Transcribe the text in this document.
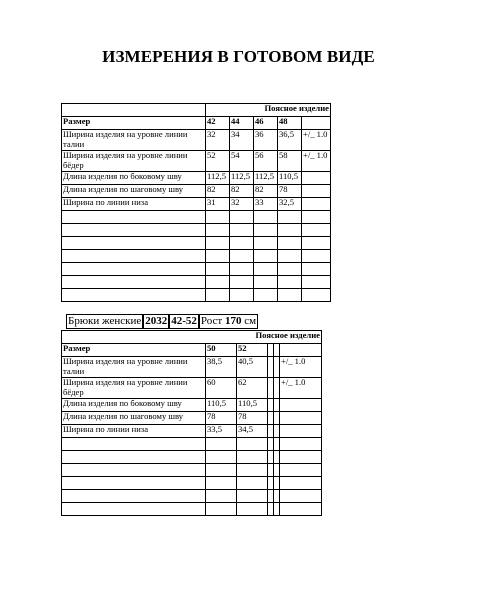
ИЗМЕРЕНИЯ В ГОТОВОМ ВИДЕ
	Поясное изделие				
Размер	42	44	46	48	
Ширина изделия на уровне линии талии	32	34	36	36,5	+/_ 1.0
Ширина изделия на уровне линии бёдер	52	54	56	58	+/_ 1.0
Длина изделия по боковому шву	112,5	112,5	112,5	110,5	
Длина изделия по шаговому шву	82	82	82	78	
Ширина по линии низа	31	32	33	32,5	

Брюки женские 2032 42-52 Рост 170 см
Поясное изделие					
Размер	50	52			
Ширина изделия на уровне линии талии	38,5	40,5			+/_ 1.0
Ширина изделия на уровне линии бёдер	60	62			+/_ 1.0
Длина изделия по боковому шву	110,5	110,5			
Длина изделия по шаговому шву	78	78			
Ширина по линии низа	33,5	34,5			
